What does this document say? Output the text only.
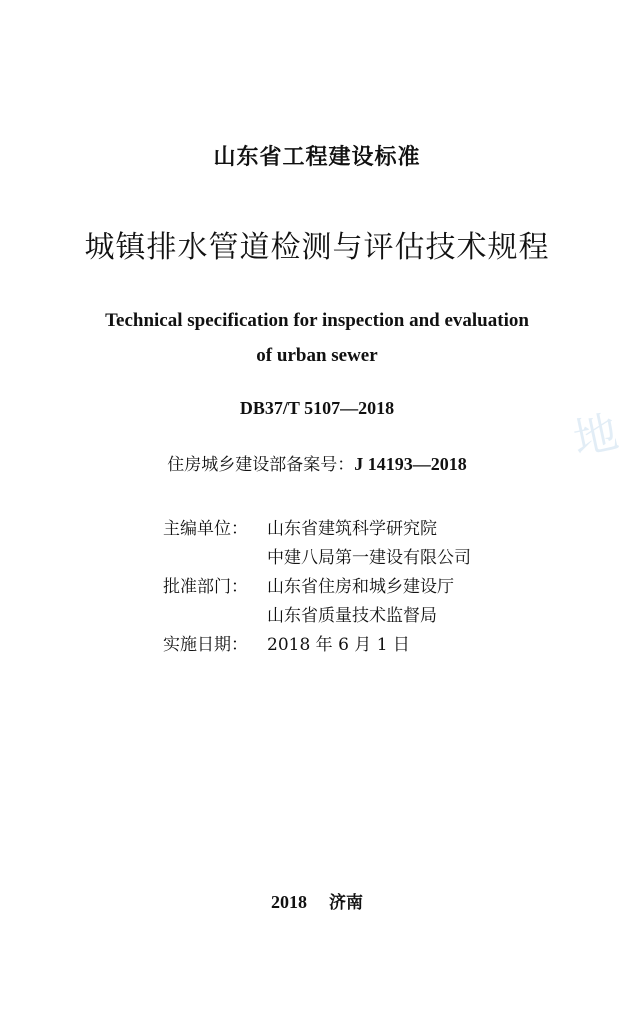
山东省工程建设标准
城镇排水管道检测与评估技术规程
Technical specification for inspection and evaluation
of urban sewer
DB37/T 5107—2018
住房城乡建设部备案号：J 14193—2018
主编单位：	山东省建筑科学研究院
中建八局第一建设有限公司
批准部门：	山东省住房和城乡建设厅
山东省质量技术监督局
实施日期：	2018 年 6 月 1 日
2018 济南
地
